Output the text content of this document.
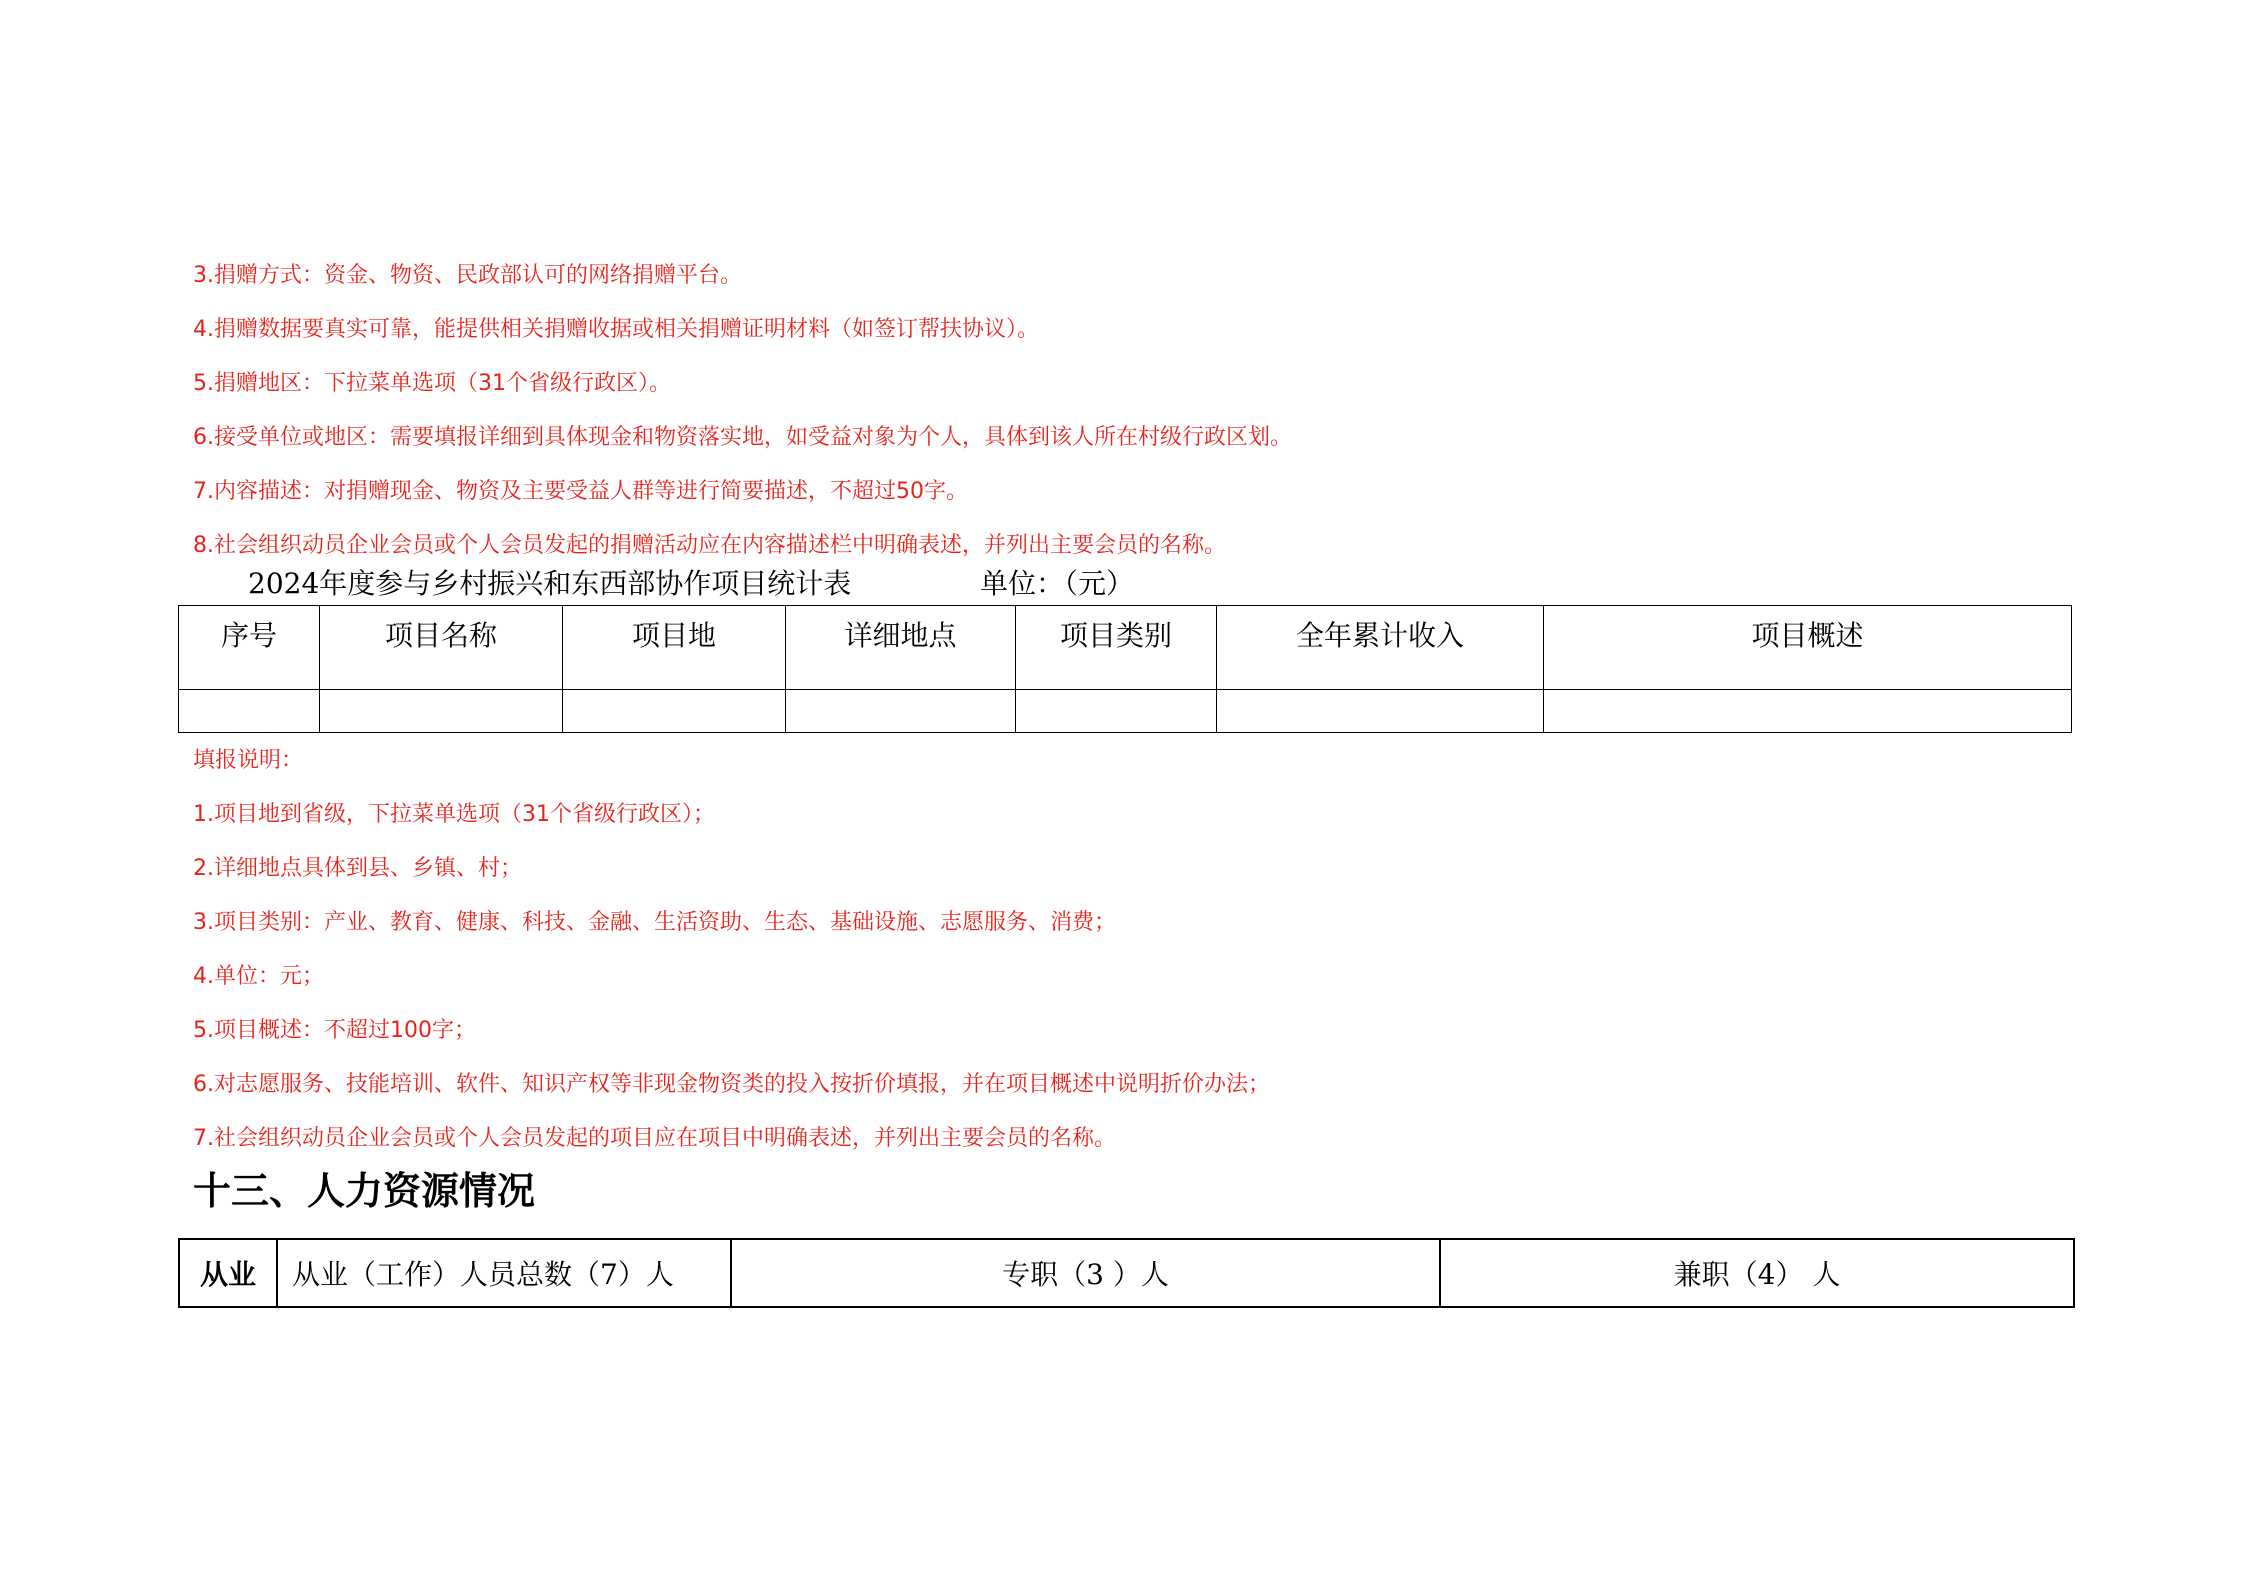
3.捐赠方式：资金、物资、民政部认可的网络捐赠平台。
4.捐赠数据要真实可靠，能提供相关捐赠收据或相关捐赠证明材料（如签订帮扶协议）。
5.捐赠地区：下拉菜单选项（31个省级行政区）。
6.接受单位或地区：需要填报详细到具体现金和物资落实地，如受益对象为个人，具体到该人所在村级行政区划。
7.内容描述：对捐赠现金、物资及主要受益人群等进行简要描述，不超过50字。
8.社会组织动员企业会员或个人会员发起的捐赠活动应在内容描述栏中明确表述，并列出主要会员的名称。
2024年度参与乡村振兴和东西部协作项目统计表	单位：（元）
序号	项目名称	项目地	详细地点	项目类别	全年累计收入	项目概述

填报说明：
1.项目地到省级，下拉菜单选项（31个省级行政区）；
2.详细地点具体到县、乡镇、村；
3.项目类别：产业、教育、健康、科技、金融、生活资助、生态、基础设施、志愿服务、消费；
4.单位：元；
5.项目概述：不超过100字；
6.对志愿服务、技能培训、软件、知识产权等非现金物资类的投入按折价填报，并在项目概述中说明折价办法；
7.社会组织动员企业会员或个人会员发起的项目应在项目中明确表述，并列出主要会员的名称。
十三、人力资源情况
从业	从业（工作）人员总数（7）人	专职（3 ）人	兼职（4） 人
